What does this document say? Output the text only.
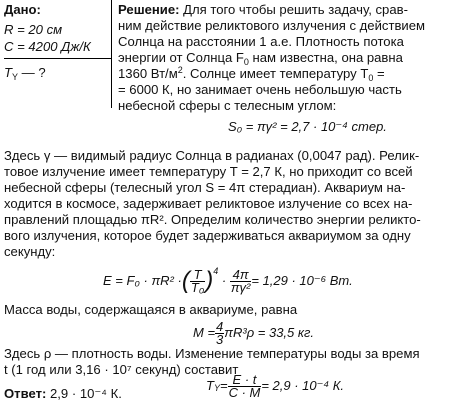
Дано:
R = 20 см
C = 4200 Дж/К
$T_Y$ — ?
Решение: Для того чтобы решить задачу, срав-
ним действие реликтового излучения с действием
Солнца на расстоянии 1 а.е. Плотность потока
энергии от Солнца $F_0$ нам известна, она равна
1360 $Вт/м^2$. Солнце имеет температуру $T_0$ =
= 6000 К, но занимает очень небольшую часть
небесной сферы с телесным углом:
S₀ = πγ² = 2,7 · 10⁻⁴ стер.
Здесь γ — видимый радиус Солнца в радианах (0,0047 рад). Релик-
товое излучение имеет температуру T = 2,7 К, но приходит со всей
небесной сферы (телесный угол S = 4π стерадиан). Аквариум на-
ходится в космосе, задерживает реликтовое излучение со всех на-
правлений площадью πR². Определим количество энергии реликто-
вого излучения, которое будет задерживаться аквариумом за одну
секунду:
E = F₀ · πR² · ( $\frac{T}{\text{T₀}}$ ) 4
· $\frac{4\pi}{\text{πγ²}} = 1,29 \cdot 10^{-6}$ Вт.
Масса воды, содержащаяся в аквариуме, равна
$M = \frac{4}{3} \pi R^3\rho = 33,5$ кг.
Здесь ρ — плотность воды. Изменение температуры воды за время
t (1 год или 3,16 · 10⁷ секунд) составит
T $Y = \frac{E \cdot t}{C \cdot M} = 2,9 \cdot 10^{-4}$ К.
Ответ: 2,9 · 10⁻⁴ К.
